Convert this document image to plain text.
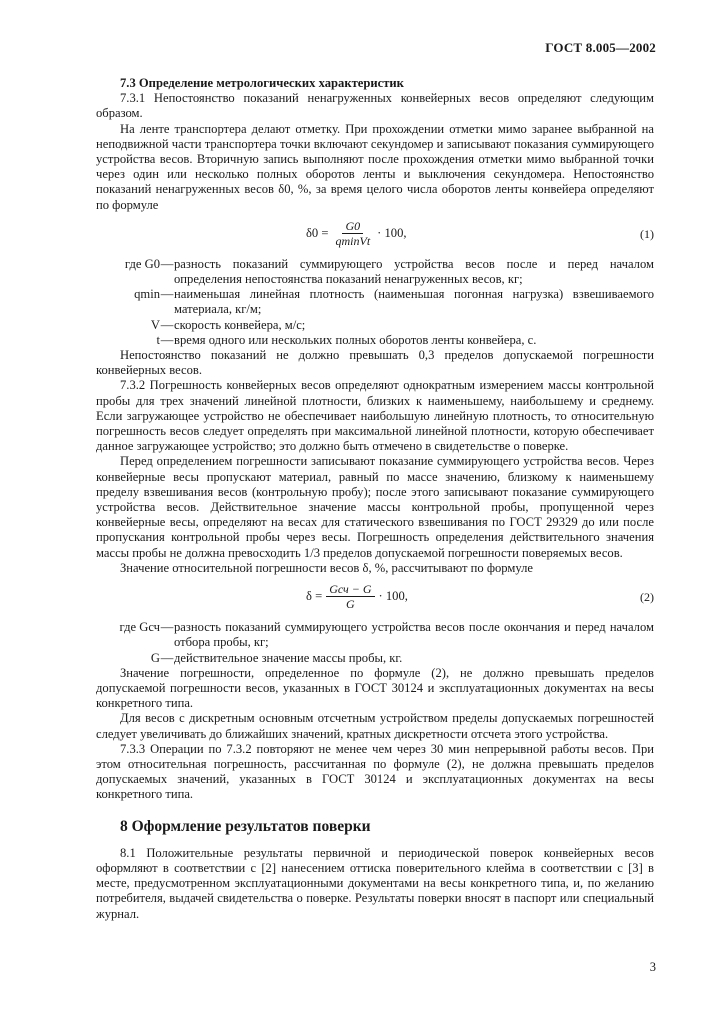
ГОСТ 8.005—2002

7.3 Определение метрологических характеристик

7.3.1 Непостоянство показаний ненагруженных конвейерных весов определяют следующим образом.

На ленте транспортера делают отметку. При прохождении отметки мимо заранее выбранной на неподвижной части транспортера точки включают секундомер и записывают показания суммирующего устройства весов. Вторичную запись выполняют после прохождения отметки мимо выбранной точки через один или несколько полных оборотов ленты и выключения секундомера. Непостоянство показаний ненагруженных весов δ0, %, за время целого числа оборотов ленты конвейера определяют по формуле

$\delta 0 = \frac{G0}{\text{qminVt}} \cdot 100$,	(1)
где G0 — разность показаний суммирующего устройства весов после и перед началом определения непостоянства показаний ненагруженных весов, кг;
qmin — наименьшая линейная плотность (наименьшая погонная нагрузка) взвешиваемого материала, кг/м;
V — скорость конвейера, м/с;
t — время одного или нескольких полных оборотов ленты конвейера, с.

Непостоянство показаний не должно превышать 0,3 пределов допускаемой погрешности конвейерных весов.

7.3.2 Погрешность конвейерных весов определяют однократным измерением массы контрольной пробы для трех значений линейной плотности, близких к наименьшему, наибольшему и среднему. Если загружающее устройство не обеспечивает наибольшую линейную плотность, то относительную погрешность весов следует определять при максимальной линейной плотности, которую обеспечивает данное загружающее устройство; это должно быть отмечено в свидетельстве о поверке.

Перед определением погрешности записывают показание суммирующего устройства весов. Через конвейерные весы пропускают материал, равный по массе значению, близкому к наименьшему пределу взвешивания весов (контрольную пробу); после этого записывают показание суммирующего устройства весов. Действительное значение массы контрольной пробы, пропущенной через конвейерные весы, определяют на весах для статического взвешивания по ГОСТ 29329 до или после пропускания контрольной пробы через весы. Погрешность определения действительного значения массы пробы не должна превосходить 1/3 пределов допускаемой погрешности поверяемых весов.

Значение относительной погрешности весов δ, %, рассчитывают по формуле

$\delta = \frac{\text{Gсч − G}}{G} \cdot 100$,	(2)
где Gсч — разность показаний суммирующего устройства весов после окончания и перед началом отбора пробы, кг;
G — действительное значение массы пробы, кг.

Значение погрешности, определенное по формуле (2), не должно превышать пределов допускаемой погрешности весов, указанных в ГОСТ 30124 и эксплуатационных документах на весы конкретного типа.

Для весов с дискретным основным отсчетным устройством пределы допускаемых погрешностей следует увеличивать до ближайших значений, кратных дискретности отсчета этого устройства.

7.3.3 Операции по 7.3.2 повторяют не менее чем через 30 мин непрерывной работы весов. При этом относительная погрешность, рассчитанная по формуле (2), не должна превышать пределов допускаемых значений, указанных в ГОСТ 30124 и эксплуатационных документах на весы конкретного типа.

8 Оформление результатов поверки

8.1 Положительные результаты первичной и периодической поверок конвейерных весов оформляют в соответствии с [2] нанесением оттиска поверительного клейма в соответствии с [3] в месте, предусмотренном эксплуатационными документами на весы конкретного типа, и, по желанию потребителя, выдачей свидетельства о поверке. Результаты поверки вносят в паспорт или специальный журнал.

3
